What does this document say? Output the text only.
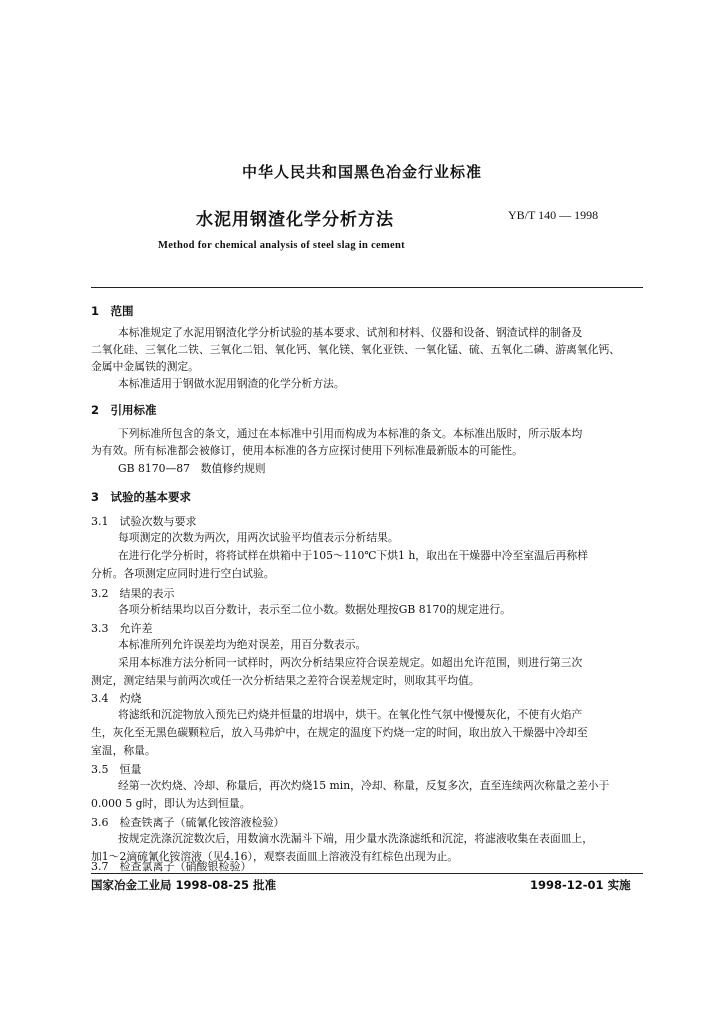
中华人民共和国黑色冶金行业标准
水泥用钢渣化学分析方法	YB/T 140 — 1998
Method for chemical analysis of steel slag in cement
1　范围
本标准规定了水泥用钢渣化学分析试验的基本要求、试剂和材料、仪器和设备、钢渣试样的制备及
二氧化硅、三氧化二铁、三氧化二铝、氧化钙、氧化镁、氧化亚铁、一氧化锰、硫、五氧化二磷、游离氧化钙、
金属中金属铁的测定。
本标准适用于钢做水泥用钢渣的化学分析方法。
2　引用标准
下列标准所包含的条文，通过在本标准中引用而构成为本标准的条文。本标准出版时，所示版本均
为有效。所有标准都会被修订，使用本标准的各方应探讨使用下列标准最新版本的可能性。
GB 8170—87　数值修约规则
3　试验的基本要求
3.1　试验次数与要求
每项测定的次数为两次，用两次试验平均值表示分析结果。
在进行化学分析时，将将试样在烘箱中于105～110℃下烘1 h，取出在干燥器中冷至室温后再称样
分析。各项测定应同时进行空白试验。
3.2　结果的表示
各项分析结果均以百分数计，表示至二位小数。数据处理按GB 8170的规定进行。
3.3　允许差
本标准所列允许误差均为绝对误差，用百分数表示。
采用本标准方法分析同一试样时，两次分析结果应符合误差规定。如超出允许范围，则进行第三次
测定，测定结果与前两次或任一次分析结果之差符合误差规定时，则取其平均值。
3.4　灼烧
将滤纸和沉淀物放入预先已灼烧并恒量的坩埚中，烘干。在氧化性气氛中慢慢灰化，不使有火焰产
生，灰化至无黑色碳颗粒后，放入马弗炉中，在规定的温度下灼烧一定的时间，取出放入干燥器中冷却至
室温，称量。
3.5　恒量
经第一次灼烧、冷却、称量后，再次灼烧15 min，冷却、称量，反复多次，直至连续两次称量之差小于
0.000 5 g时，即认为达到恒量。
3.6　检查铁离子（硫氰化铵溶液检验）
按规定洗涤沉淀数次后，用数滴水洗漏斗下端，用少量水洗涤滤纸和沉淀，将滤液收集在表面皿上，
加1～2滴硫氰化铵溶液（见4.16），观察表面皿上溶液没有红棕色出现为止。
3.7　检查氯离子（硝酸银检验）
国家冶金工业局 1998-08-25 批准	1998-12-01 实施
